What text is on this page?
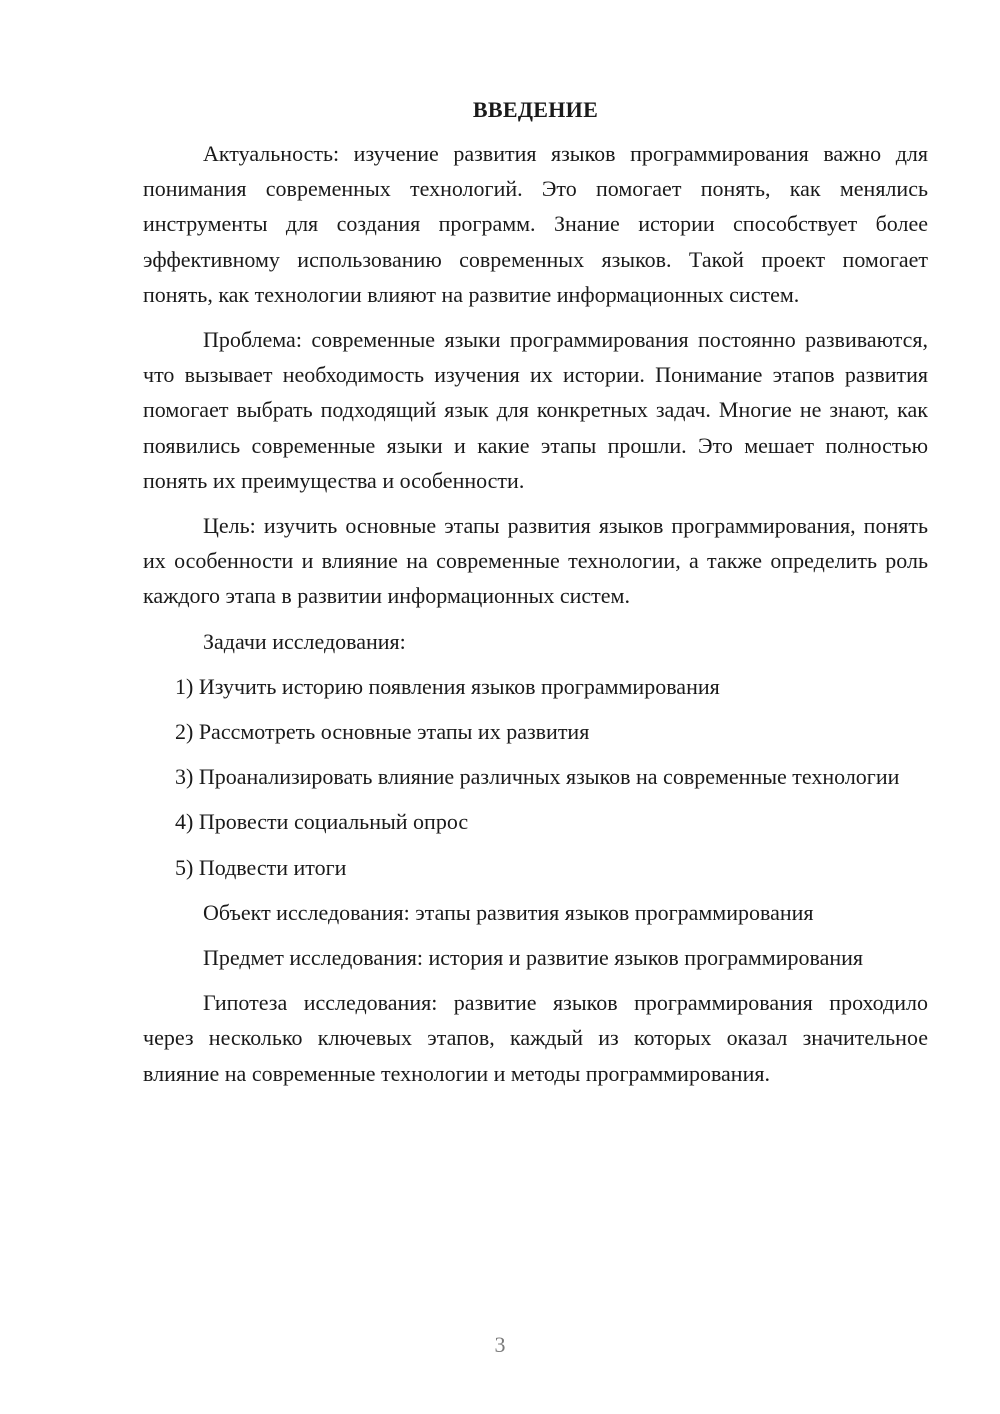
ВВЕДЕНИЕ

Актуальность: изучение развития языков программирования важно для понимания современных технологий. Это помогает понять, как менялись инструменты для создания программ. Знание истории способствует более эффективному использованию современных языков. Такой проект помогает понять, как технологии влияют на развитие информационных систем.

Проблема: современные языки программирования постоянно развиваются, что вызывает необходимость изучения их истории. Понимание этапов развития помогает выбрать подходящий язык для конкретных задач. Многие не знают, как появились современные языки и какие этапы прошли. Это мешает полностью понять их преимущества и особенности.

Цель: изучить основные этапы развития языков программирования, понять их особенности и влияние на современные технологии, а также определить роль каждого этапа в развитии информационных систем.

Задачи исследования:

1) Изучить историю появления языков программирования

2) Рассмотреть основные этапы их развития

3) Проанализировать влияние различных языков на современные технологии

4) Провести социальный опрос

5) Подвести итоги

Объект исследования: этапы развития языков программирования

Предмет исследования: история и развитие языков программирования

Гипотеза исследования: развитие языков программирования проходило через несколько ключевых этапов, каждый из которых оказал значительное влияние на современные технологии и методы программирования.

3
